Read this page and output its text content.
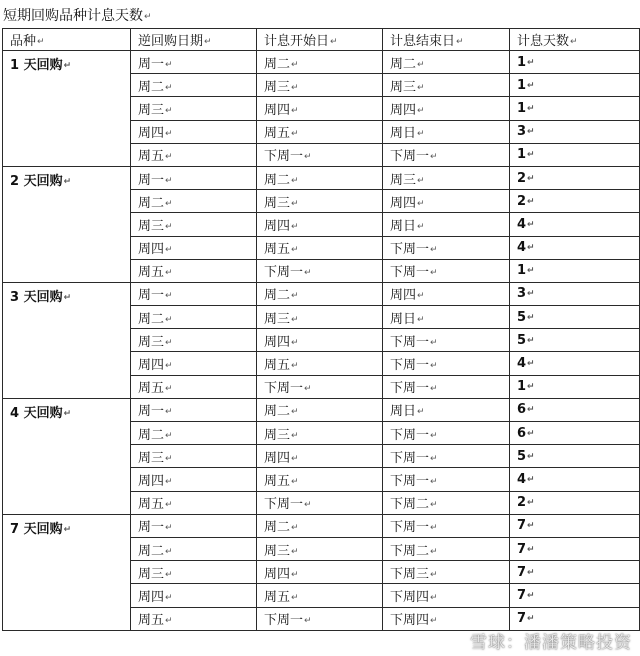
短期回购品种计息天数↵
品种↵	逆回购日期↵	计息开始日↵	计息结束日↵	计息天数↵
1 天回购↵	周一↵	周二↵	周二↵	1↵
	周二↵	周三↵	周三↵	1↵
	周三↵	周四↵	周四↵	1↵
	周四↵	周五↵	周日↵	3↵
	周五↵	下周一↵	下周一↵	1↵
2 天回购↵	周一↵	周二↵	周三↵	2↵
	周二↵	周三↵	周四↵	2↵
	周三↵	周四↵	周日↵	4↵
	周四↵	周五↵	下周一↵	4↵
	周五↵	下周一↵	下周一↵	1↵
3 天回购↵	周一↵	周二↵	周四↵	3↵
	周二↵	周三↵	周日↵	5↵
	周三↵	周四↵	下周一↵	5↵
	周四↵	周五↵	下周一↵	4↵
	周五↵	下周一↵	下周一↵	1↵
4 天回购↵	周一↵	周二↵	周日↵	6↵
	周二↵	周三↵	下周一↵	6↵
	周三↵	周四↵	下周一↵	5↵
	周四↵	周五↵	下周一↵	4↵
	周五↵	下周一↵	下周二↵	2↵
7 天回购↵	周一↵	周二↵	下周一↵	7↵
	周二↵	周三↵	下周二↵	7↵
	周三↵	周四↵	下周三↵	7↵
	周四↵	周五↵	下周四↵	7↵
	周五↵	下周一↵	下周四↵	7↵
雪球：潘潘策略投资
